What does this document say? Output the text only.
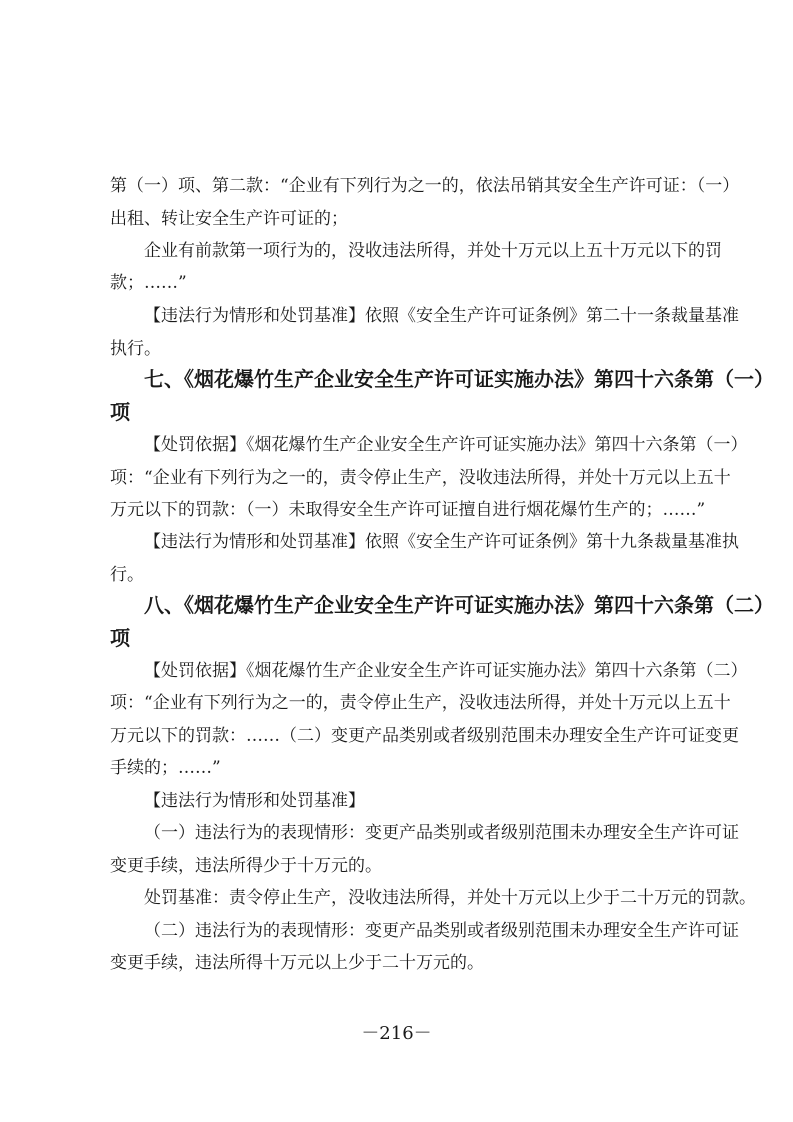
第（一）项、第二款：“企业有下列行为之一的，依法吊销其安全生产许可证：（一）
出租、转让安全生产许可证的；
企业有前款第一项行为的，没收违法所得，并处十万元以上五十万元以下的罚
款；……”
【违法行为情形和处罚基准】依照《安全生产许可证条例》第二十一条裁量基准
执行。
七、《烟花爆竹生产企业安全生产许可证实施办法》第四十六条第（一）
项
【处罚依据】《烟花爆竹生产企业安全生产许可证实施办法》第四十六条第（一）
项：“企业有下列行为之一的，责令停止生产，没收违法所得，并处十万元以上五十
万元以下的罚款：（一）未取得安全生产许可证擅自进行烟花爆竹生产的；……”
【违法行为情形和处罚基准】依照《安全生产许可证条例》第十九条裁量基准执
行。
八、《烟花爆竹生产企业安全生产许可证实施办法》第四十六条第（二）
项
【处罚依据】《烟花爆竹生产企业安全生产许可证实施办法》第四十六条第（二）
项：“企业有下列行为之一的，责令停止生产，没收违法所得，并处十万元以上五十
万元以下的罚款：……（二）变更产品类别或者级别范围未办理安全生产许可证变更
手续的；……”
【违法行为情形和处罚基准】
（一）违法行为的表现情形：变更产品类别或者级别范围未办理安全生产许可证
变更手续，违法所得少于十万元的。
处罚基准：责令停止生产，没收违法所得，并处十万元以上少于二十万元的罚款。
（二）违法行为的表现情形：变更产品类别或者级别范围未办理安全生产许可证
变更手续，违法所得十万元以上少于二十万元的。
－216－
